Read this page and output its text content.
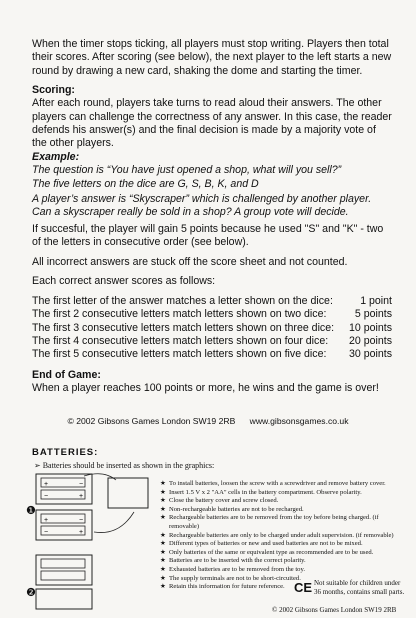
When the timer stops ticking, all players must stop writing. Players then total their scores. After scoring (see below), the next player to the left starts a new round by drawing a new card, shaking the dome and starting the timer.

Scoring:

After each round, players take turns to read aloud their answers. The other players can challenge the correctness of any answer. In this case, the reader defends his answer(s) and the final decision is made by a majority vote of the other players.

Example:

The question is “You have just opened a shop, what will you sell?”

The five letters on the dice are G, S, B, K, and D

A player’s answer is “Skyscraper” which is challenged by another player. Can a skyscraper really be sold in a shop? A group vote will decide.

If succesful, the player will gain 5 points because he used "S" and "K" - two of the letters in consecutive order (see below).

All incorrect answers are stuck off the score sheet and not counted.

Each correct answer scores as follows:

The first letter of the answer matches a letter shown on the dice:	1 point
The first 2 consecutive letters match letters shown on two dice:	5 points
The first 3 consecutive letters match letters shown on three dice: 10 points
The first 4 consecutive letters match letters shown on four dice: 20 points
The first 5 consecutive letters match letters shown on five dice: 30 points

End of Game:

When a player reaches 100 points or more, he wins and the game is over!

© 2002 Gibsons Games London SW19 2RB      www.gibsonsgames.co.uk
BATTERIES:
➢ Batteries should be inserted as shown in the graphics:
+	−
−	+
+	−
−	+
❶
❷
★ To install batteries, loosen the screw with a screwdriver and remove battery cover.
★ Insert 1.5 V x 2 "AA" cells in the battery compartment. Observe polarity.
★ Close the battery cover and screw closed.
★ Non-rechargeable batteries are not to be recharged.
★ Rechargeable batteries are to be removed from the toy before being charged. (if removable)
★ Rechargeable batteries are only to be charged under adult supervision. (if removable)
★ Different types of batteries or new and used batteries are not to be mixed.
★ Only batteries of the same or equivalent type as recommended are to be used.
★ Batteries are to be inserted with the correct polarity.
★ Exhausted batteries are to be removed from the toy.
★ The supply terminals are not to be short-circuited.
★ Retain this information for future reference. CE Not suitable for children under
36 months, contains small parts.
© 2002 Gibsons Games London SW19 2RB
